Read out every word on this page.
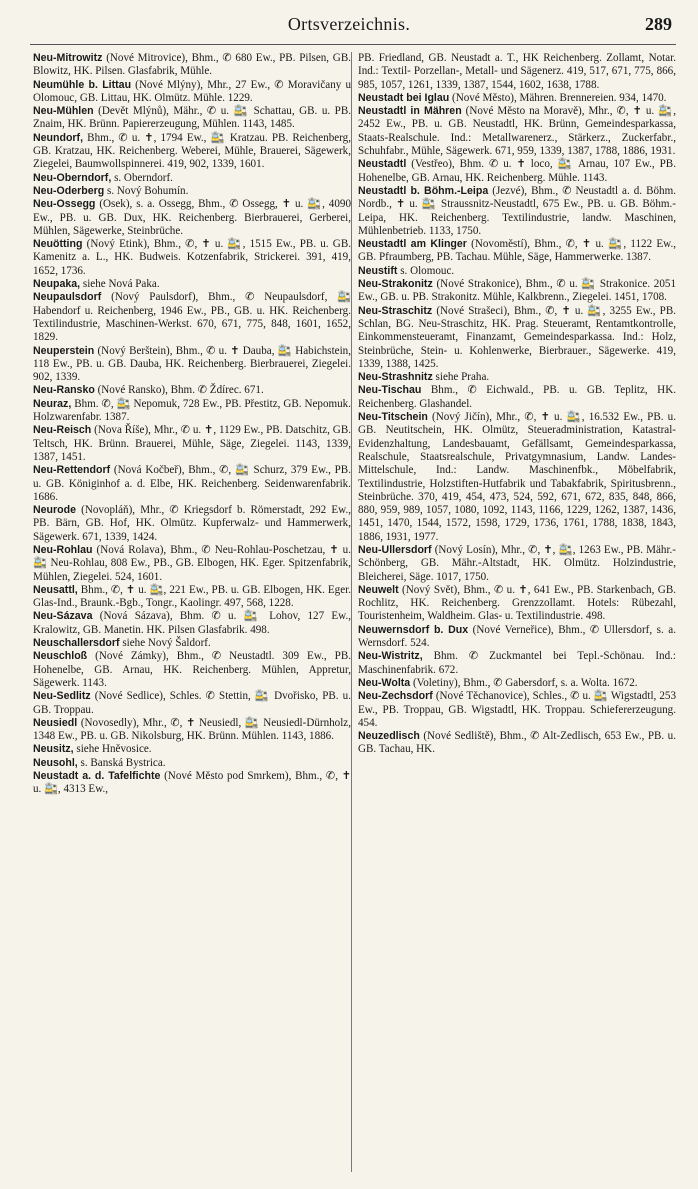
Ortsverzeichnis.	289

Neu-Mitrowitz (Nové Mitrovice), Bhm., ✆ 680 Ew., PB. Pilsen, GB. Blowitz, HK. Pilsen. Glasfabrik, Mühle.

Neumühle b. Littau (Nové Mlýny), Mhr., 27 Ew., ✆ Moravičany u Olomouc, GB. Littau, HK. Olmütz. Mühle. 1229.

Neu-Mühlen (Devět Mlýnů), Mähr., ✆ u. 🚉 Schattau, GB. u. PB. Znaim, HK. Brünn. Papiererzeugung, Mühlen. 1143, 1485.

Neundorf, Bhm., ✆ u. ✝, 1794 Ew., 🚉 Kratzau. PB. Reichenberg, GB. Kratzau, HK. Reichenberg. Weberei, Mühle, Brauerei, Sägewerk, Ziegelei, Baumwollspinnerei. 419, 902, 1339, 1601.

Neu-Oberndorf, s. Oberndorf.

Neu-Oderberg s. Nový Bohumín.

Neu-Ossegg (Osek), s. a. Ossegg, Bhm., ✆ Ossegg, ✝ u. 🚉, 4090 Ew., PB. u. GB. Dux, HK. Reichenberg. Bierbrauerei, Gerberei, Mühlen, Sägewerke, Steinbrüche.

Neuötting (Nový Etink), Bhm., ✆, ✝ u. 🚉, 1515 Ew., PB. u. GB. Kamenitz a. L., HK. Budweis. Kotzenfabrik, Strickerei. 391, 419, 1652, 1736.

Neupaka, siehe Nová Paka.

Neupaulsdorf (Nový Paulsdorf), Bhm., ✆ Neupaulsdorf, 🚉 Habendorf u. Reichenberg, 1946 Ew., PB., GB. u. HK. Reichenberg. Textilindustrie, Maschinen-Werkst. 670, 671, 775, 848, 1601, 1652, 1829.

Neuperstein (Nový Berštein), Bhm., ✆ u. ✝ Dauba, 🚉 Habichstein, 118 Ew., PB. u. GB. Dauba, HK. Reichenberg. Bierbrauerei, Ziegelei. 902, 1339.

Neu-Ransko (Nové Ransko), Bhm. ✆ Ždírec. 671.

Neuraz, Bhm. ✆, 🚉 Nepomuk, 728 Ew., PB. Přestitz, GB. Nepomuk. Holzwarenfabr. 1387.

Neu-Reisch (Nova Říše), Mhr., ✆ u. ✝, 1129 Ew., PB. Datschitz, GB. Teltsch, HK. Brünn. Brauerei, Mühle, Säge, Ziegelei. 1143, 1339, 1387, 1451.

Neu-Rettendorf (Nová Kočbeř), Bhm., ✆, 🚉 Schurz, 379 Ew., PB. u. GB. Königinhof a. d. Elbe, HK. Reichenberg. Seidenwarenfabrik. 1686.

Neurode (Novopláň), Mhr., ✆ Kriegsdorf b. Römerstadt, 292 Ew., PB. Bärn, GB. Hof, HK. Olmütz. Kupferwalz- und Hammerwerk, Sägewerk. 671, 1339, 1424.

Neu-Rohlau (Nová Rolava), Bhm., ✆ Neu-Rohlau-Poschetzau, ✝ u. 🚉 Neu-Rohlau, 808 Ew., PB., GB. Elbogen, HK. Eger. Spitzenfabrik, Mühlen, Ziegelei. 524, 1601.

Neusattl, Bhm., ✆, ✝ u. 🚉, 221 Ew., PB. u. GB. Elbogen, HK. Eger. Glas-Ind., Braunk.-Bgb., Tongr., Kaolingr. 497, 568, 1228.

Neu-Sázava (Nová Sázava), Bhm. ✆ u. 🚉 Lohov, 127 Ew., Kralowitz, GB. Manetin. HK. Pilsen Glasfabrik. 498.

Neuschallersdorf siehe Nový Šaldorf.

Neuschloß (Nové Zámky), Bhm., ✆ Neustadtl. 309 Ew., PB. Hohenelbe, GB. Arnau, HK. Reichenberg. Mühlen, Appretur, Sägewerk. 1143.

Neu-Sedlitz (Nové Sedlice), Schles. ✆ Stettin, 🚉 Dvořisko, PB. u. GB. Troppau.

Neusiedl (Novosedly), Mhr., ✆, ✝ Neusiedl, 🚉 Neusiedl-Dürnholz, 1348 Ew., PB. u. GB. Nikolsburg, HK. Brünn. Mühlen. 1143, 1886.

Neusitz, siehe Hněvosice.

Neusohl, s. Banská Bystrica.

Neustadt a. d. Tafelfichte (Nové Město pod Smrkem), Bhm., ✆, ✝ u. 🚉, 4313 Ew.,

PB. Friedland, GB. Neustadt a. T., HK Reichenberg. Zollamt, Notar. Ind.: Textil- Porzellan-, Metall- und Sägenerz. 419, 517, 671, 775, 866, 985, 1057, 1261, 1339, 1387, 1544, 1602, 1638, 1788.

Neustadt bei Iglau (Nové Město), Mähren. Brennereien. 934, 1470.

Neustadtl in Mähren (Nové Město na Moravě), Mhr., ✆, ✝ u. 🚉, 2452 Ew., PB. u. GB. Neustadtl, HK. Brünn, Gemeindesparkassa, Staats-Realschule. Ind.: Metallwarenerz., Stärkerz., Zuckerfabr., Schuhfabr., Mühle, Sägewerk. 671, 959, 1339, 1387, 1788, 1886, 1931.

Neustadtl (Vestřeo), Bhm. ✆ u. ✝ loco, 🚉 Arnau, 107 Ew., PB. Hohenelbe, GB. Arnau, HK. Reichenberg. Mühle. 1143.

Neustadtl b. Böhm.-Leipa (Jezvé), Bhm., ✆ Neustadtl a. d. Böhm. Nordb., ✝ u. 🚉 Straussnitz-Neustadtl, 675 Ew., PB. u. GB. Böhm.-Leipa, HK. Reichenberg. Textilindustrie, landw. Maschinen, Mühlenbetrieb. 1133, 1750.

Neustadtl am Klinger (Novoměstí), Bhm., ✆, ✝ u. 🚉, 1122 Ew., GB. Pfraumberg, PB. Tachau. Mühle, Säge, Hammerwerke. 1387.

Neustift s. Olomouc.

Neu-Strakonitz (Nové Strakonice), Bhm., ✆ u. 🚉 Strakonice. 2051 Ew., GB. u. PB. Strakonitz. Mühle, Kalkbrenn., Ziegelei. 1451, 1708.

Neu-Straschitz (Nové Strašeci), Bhm., ✆, ✝ u. 🚉, 3255 Ew., PB. Schlan, BG. Neu-Straschitz, HK. Prag. Steueramt, Rentamtkontrolle, Einkommensteueramt, Finanzamt, Gemeindesparkassa. Ind.: Holz, Steinbrüche, Stein- u. Kohlenwerke, Bierbrauer., Sägewerke. 419, 1339, 1388, 1425.

Neu-Strashnitz siehe Praha.

Neu-Tischau Bhm., ✆ Eichwald., PB. u. GB. Teplitz, HK. Reichenberg. Glashandel.

Neu-Titschein (Nový Jičín), Mhr., ✆, ✝ u. 🚉, 16.532 Ew., PB. u. GB. Neutitschein, HK. Olmütz, Steueradministration, Katastral-Evidenzhaltung, Landesbauamt, Gefällsamt, Gemeindesparkassa, Realschule, Staatsrealschule, Privatgymnasium, Landw. Landes-Mittelschule, Ind.: Landw. Maschinenfbk., Möbelfabrik, Textilindustrie, Holzstiften-Hutfabrik und Tabakfabrik, Spiritusbrenn., Steinbrüche. 370, 419, 454, 473, 524, 592, 671, 672, 835, 848, 866, 880, 959, 989, 1057, 1080, 1092, 1143, 1166, 1229, 1262, 1387, 1436, 1451, 1470, 1544, 1572, 1598, 1729, 1736, 1761, 1788, 1838, 1843, 1886, 1931, 1977.

Neu-Ullersdorf (Nový Losín), Mhr., ✆, ✝, 🚉, 1263 Ew., PB. Mähr.-Schönberg, GB. Mähr.-Altstadt, HK. Olmütz. Holzindustrie, Bleicherei, Säge. 1017, 1750.

Neuwelt (Nový Svět), Bhm., ✆ u. ✝, 641 Ew., PB. Starkenbach, GB. Rochlitz, HK. Reichenberg. Grenzzollamt. Hotels: Rübezahl, Touristenheim, Waldheim. Glas- u. Textilindustrie. 498.

Neuwernsdorf b. Dux (Nové Verneřice), Bhm., ✆ Ullersdorf, s. a. Wernsdorf. 524.

Neu-Wistritz, Bhm. ✆ Zuckmantel bei Tepl.-Schönau. Ind.: Maschinenfabrik. 672.

Neu-Wolta (Voletiny), Bhm., ✆ Gabersdorf, s. a. Wolta. 1672.

Neu-Zechsdorf (Nové Těchanovice), Schles., ✆ u. 🚉 Wigstadtl, 253 Ew., PB. Troppau, GB. Wigstadtl, HK. Troppau. Schiefererzeugung. 454.

Neuzedlisch (Nové Sedliště), Bhm., ✆ Alt-Zedlisch, 653 Ew., PB. u. GB. Tachau, HK.
